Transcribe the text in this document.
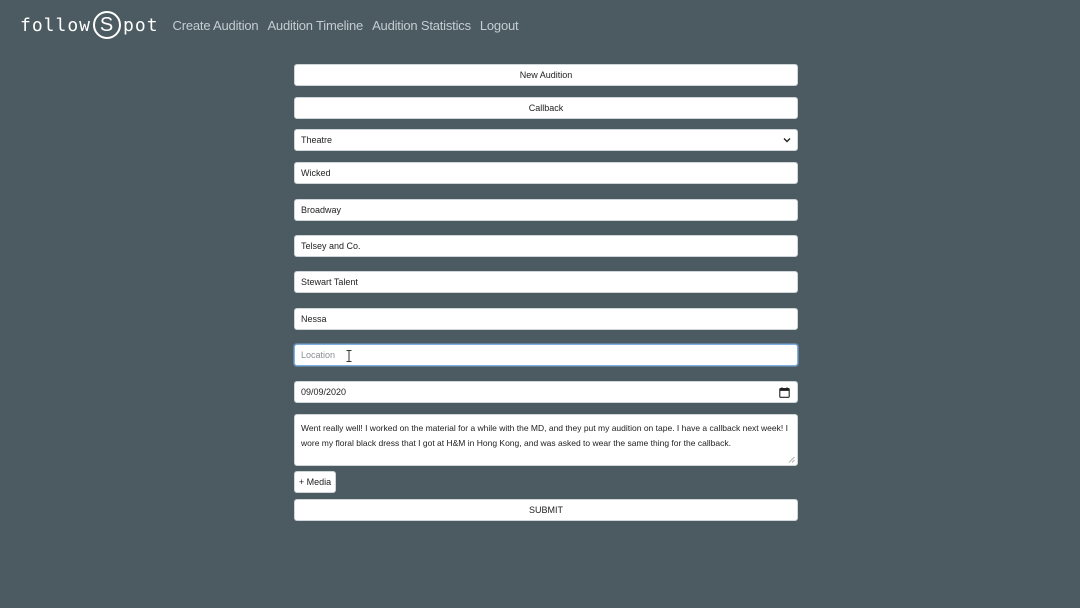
follow S pot Create Audition Audition Timeline Audition Statistics Logout
New Audition
Callback
Theatre
Wicked
Broadway
Telsey and Co.
Stewart Talent
Nessa
Location
09/09/2020
Went really well! I worked on the material for a while with the MD, and they put my audition on tape. I have a callback next week! I wore my floral black dress that I got at H&M in Hong Kong, and was asked to wear the same thing for the callback.
+ Media
SUBMIT
